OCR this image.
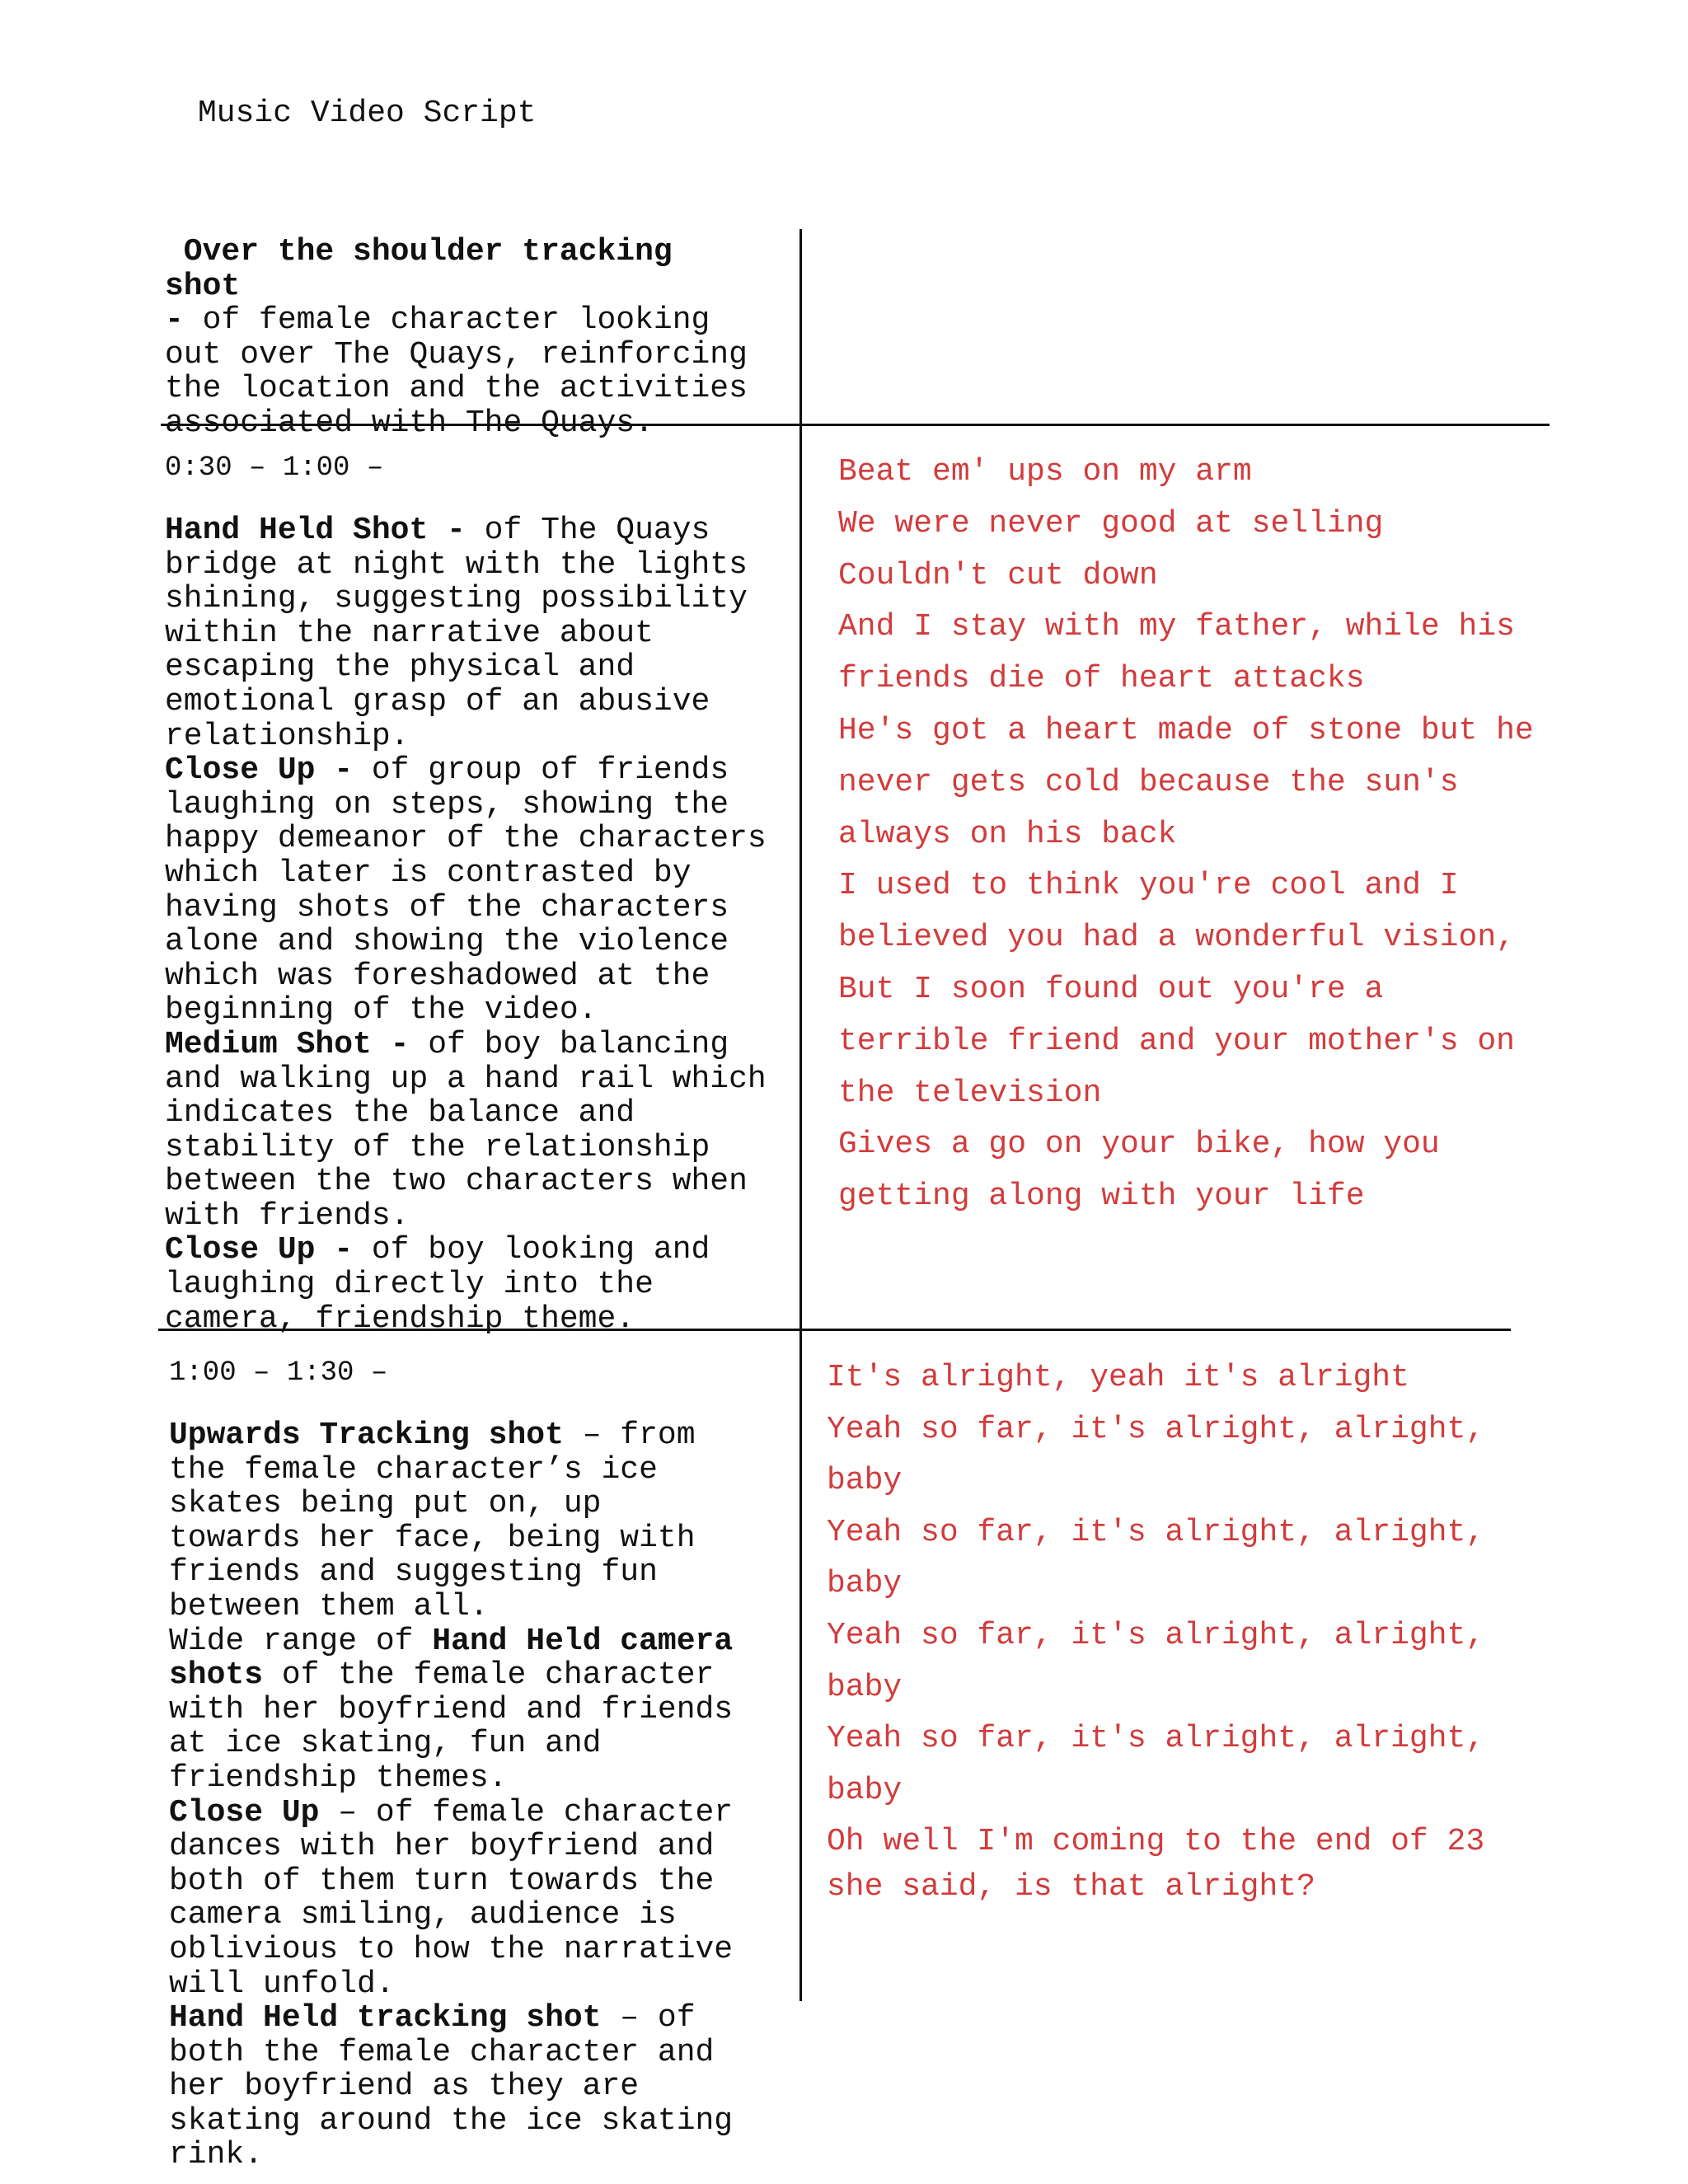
Music Video Script
Over the shoulder tracking shot
- of female character looking
out over The Quays, reinforcing
the location and the activities
associated with The Quays.
0:30 – 1:00 –
Hand Held Shot - of The Quays
bridge at night with the lights
shining, suggesting possibility
within the narrative about
escaping the physical and
emotional grasp of an abusive
relationship.
Close Up - of group of friends
laughing on steps, showing the
happy demeanor of the characters
which later is contrasted by
having shots of the characters
alone and showing the violence
which was foreshadowed at the
beginning of the video.
Medium Shot - of boy balancing
and walking up a hand rail which
indicates the balance and
stability of the relationship
between the two characters when
with friends.
Close Up - of boy looking and
laughing directly into the
camera, friendship theme.
Beat em' ups on my arm
We were never good at selling
Couldn't cut down
And I stay with my father, while his
friends die of heart attacks
He's got a heart made of stone but he
never gets cold because the sun's
always on his back
I used to think you're cool and I
believed you had a wonderful vision,
But I soon found out you're a
terrible friend and your mother's on
the television
Gives a go on your bike, how you
getting along with your life
1:00 – 1:30 –
Upwards Tracking shot – from
the female character’s ice
skates being put on, up
towards her face, being with
friends and suggesting fun
between them all.
Wide range of Hand Held camera
shots of the female character
with her boyfriend and friends
at ice skating, fun and
friendship themes.
Close Up – of female character
dances with her boyfriend and
both of them turn towards the
camera smiling, audience is
oblivious to how the narrative
will unfold.
Hand Held tracking shot – of
both the female character and
her boyfriend as they are
skating around the ice skating
rink.
It's alright, yeah it's alright
Yeah so far, it's alright, alright,
baby
Yeah so far, it's alright, alright,
baby
Yeah so far, it's alright, alright,
baby
Yeah so far, it's alright, alright,
baby
Oh well I'm coming to the end of 23
she said, is that alright?
